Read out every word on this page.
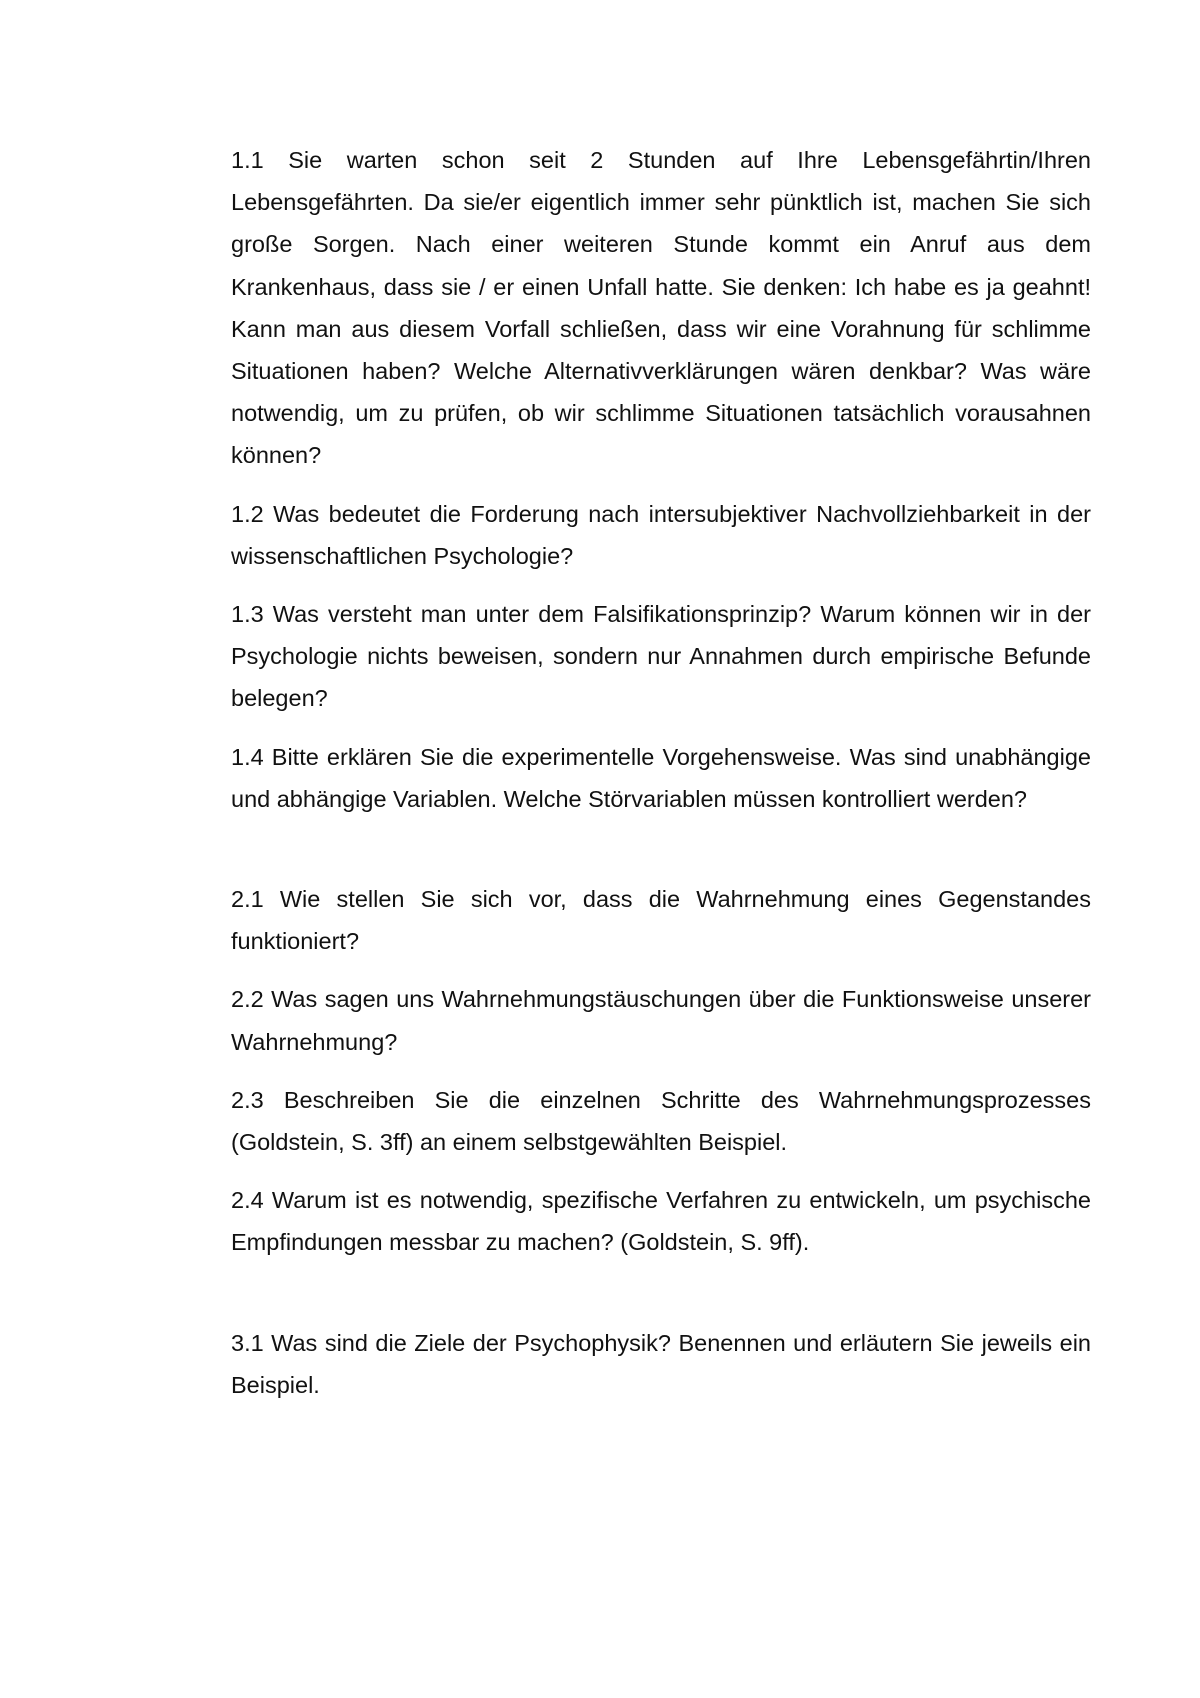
1.1 Sie warten schon seit 2 Stunden auf Ihre Lebensgefährtin/Ihren Lebensgefährten. Da sie/er eigentlich immer sehr pünktlich ist, machen Sie sich große Sorgen. Nach einer weiteren Stunde kommt ein Anruf aus dem Krankenhaus, dass sie / er einen Unfall hatte. Sie denken: Ich habe es ja geahnt! Kann man aus diesem Vorfall schließen, dass wir eine Vorahnung für schlimme Situationen haben? Welche Alternativverklärungen wären denkbar? Was wäre notwendig, um zu prüfen, ob wir schlimme Situationen tatsächlich vorausahnen können?

1.2 Was bedeutet die Forderung nach intersubjektiver Nachvollziehbarkeit in der wissenschaftlichen Psychologie?

1.3 Was versteht man unter dem Falsifikationsprinzip? Warum können wir in der Psychologie nichts beweisen, sondern nur Annahmen durch empirische Befunde belegen?

1.4 Bitte erklären Sie die experimentelle Vorgehensweise. Was sind unabhängige und abhängige Variablen. Welche Störvariablen müssen kontrolliert werden?

2.1 Wie stellen Sie sich vor, dass die Wahrnehmung eines Gegenstandes funktioniert?

2.2 Was sagen uns Wahrnehmungstäuschungen über die Funktionsweise unserer Wahrnehmung?

2.3 Beschreiben Sie die einzelnen Schritte des Wahrnehmungsprozesses (Goldstein, S. 3ff) an einem selbstgewählten Beispiel.

2.4 Warum ist es notwendig, spezifische Verfahren zu entwickeln, um psychische Empfindungen messbar zu machen? (Goldstein, S. 9ff).

3.1 Was sind die Ziele der Psychophysik? Benennen und erläutern Sie jeweils ein Beispiel.
